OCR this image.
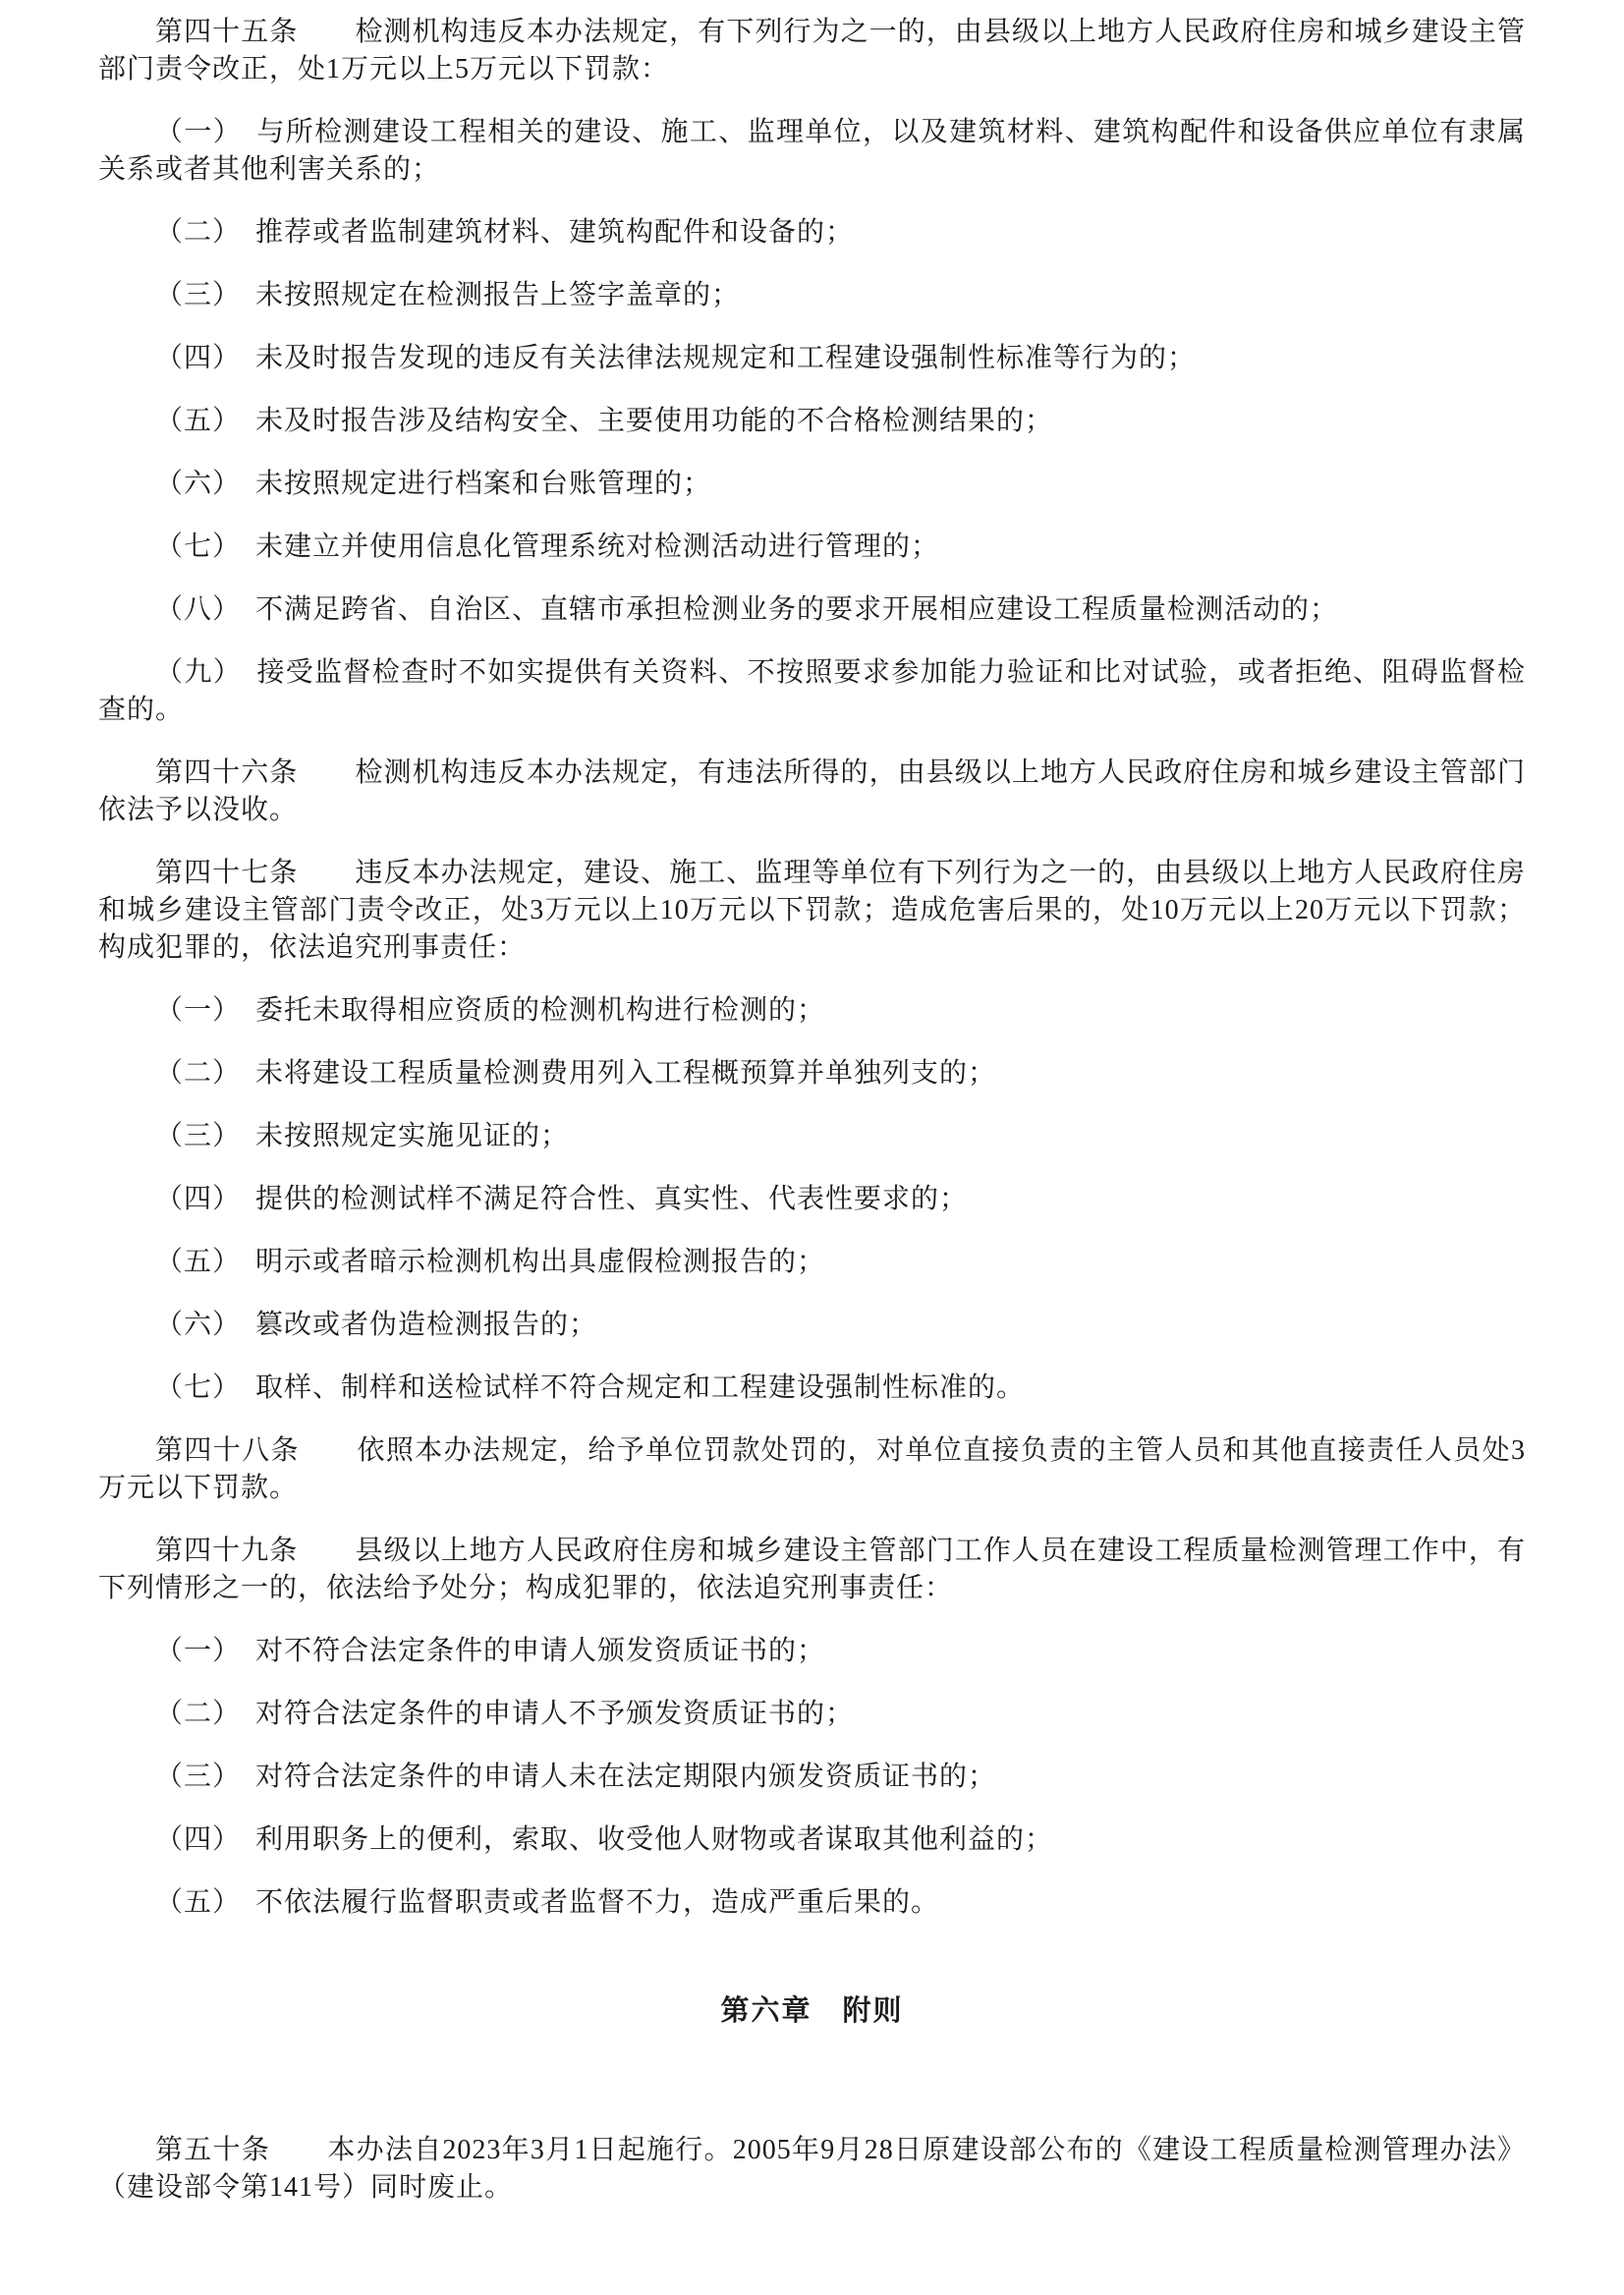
第四十五条　　检测机构违反本办法规定，有下列行为之一的，由县级以上地方人民政府住房和城乡建设主管部门责令改正，处1万元以上5万元以下罚款：

（一）　与所检测建设工程相关的建设、施工、监理单位，以及建筑材料、建筑构配件和设备供应单位有隶属关系或者其他利害关系的；

（二）　推荐或者监制建筑材料、建筑构配件和设备的；

（三）　未按照规定在检测报告上签字盖章的；

（四）　未及时报告发现的违反有关法律法规规定和工程建设强制性标准等行为的；

（五）　未及时报告涉及结构安全、主要使用功能的不合格检测结果的；

（六）　未按照规定进行档案和台账管理的；

（七）　未建立并使用信息化管理系统对检测活动进行管理的；

（八）　不满足跨省、自治区、直辖市承担检测业务的要求开展相应建设工程质量检测活动的；

（九）　接受监督检查时不如实提供有关资料、不按照要求参加能力验证和比对试验，或者拒绝、阻碍监督检查的。

第四十六条　　检测机构违反本办法规定，有违法所得的，由县级以上地方人民政府住房和城乡建设主管部门依法予以没收。

第四十七条　　违反本办法规定，建设、施工、监理等单位有下列行为之一的，由县级以上地方人民政府住房和城乡建设主管部门责令改正，处3万元以上10万元以下罚款；造成危害后果的，处10万元以上20万元以下罚款；构成犯罪的，依法追究刑事责任：

（一）　委托未取得相应资质的检测机构进行检测的；

（二）　未将建设工程质量检测费用列入工程概预算并单独列支的；

（三）　未按照规定实施见证的；

（四）　提供的检测试样不满足符合性、真实性、代表性要求的；

（五）　明示或者暗示检测机构出具虚假检测报告的；

（六）　篡改或者伪造检测报告的；

（七）　取样、制样和送检试样不符合规定和工程建设强制性标准的。

第四十八条　　依照本办法规定，给予单位罚款处罚的，对单位直接负责的主管人员和其他直接责任人员处3万元以下罚款。

第四十九条　　县级以上地方人民政府住房和城乡建设主管部门工作人员在建设工程质量检测管理工作中，有下列情形之一的，依法给予处分；构成犯罪的，依法追究刑事责任：

（一）　对不符合法定条件的申请人颁发资质证书的；

（二）　对符合法定条件的申请人不予颁发资质证书的；

（三）　对符合法定条件的申请人未在法定期限内颁发资质证书的；

（四）　利用职务上的便利，索取、收受他人财物或者谋取其他利益的；

（五）　不依法履行监督职责或者监督不力，造成严重后果的。

第六章　附则

第五十条　　本办法自2023年3月1日起施行。2005年9月28日原建设部公布的《建设工程质量检测管理办法》（建设部令第141号）同时废止。
